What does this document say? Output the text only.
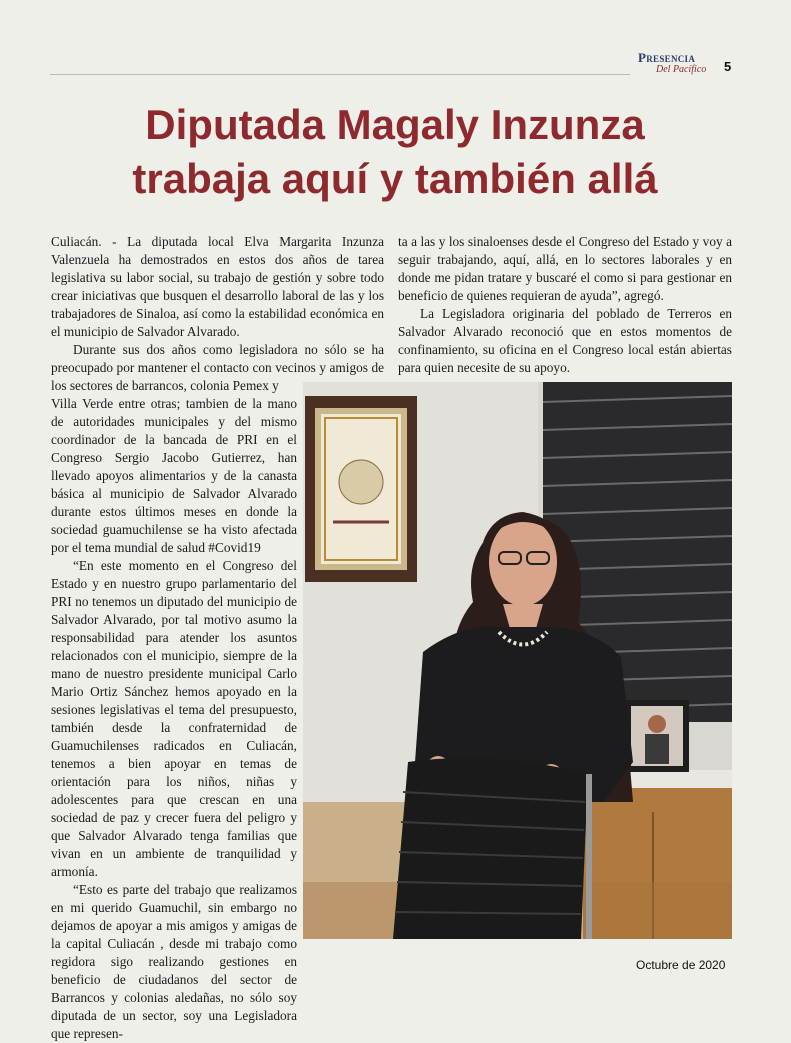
Presencia
Del Pacífico 5
Diputada Magaly Inzunza
trabaja aquí y también allá

Culiacán. - La diputada local Elva Margarita Inzunza Valenzuela ha demostrados en estos dos años de tarea legislativa su labor social, su trabajo de gestión y sobre todo crear iniciativas que busquen el desarrollo laboral de las y los trabajadores de Sinaloa, así como la estabilidad económica en el municipio de Salvador Alvarado.

Durante sus dos años como legisladora no sólo se ha preocupado por mantener el contacto con vecinos y amigos de los sectores de barrancos, colonia Pemex y

Villa Verde entre otras; tambien de la mano de autoridades municipales y del mismo coordinador de la bancada de PRI en el Congreso Sergio Jacobo Gutierrez, han llevado apoyos alimentarios y de la canasta básica al municipio de Salvador Alvarado durante estos últimos meses en donde la sociedad guamuchilense se ha visto afectada por el tema mundial de salud #Covid19

“En este momento en el Congreso del Estado y en nuestro grupo parlamentario del PRI no tenemos un diputado del municipio de Salvador Alvarado, por tal motivo asumo la responsabilidad para atender los asuntos relacionados con el municipio, siempre de la mano de nuestro presidente municipal Carlo Mario Ortiz Sánchez hemos apoyado en la sesiones legislativas el tema del presupuesto, también desde la confraternidad de Guamuchilenses radicados en Culiacán, tenemos a bien apoyar en temas de orientación para los niños, niñas y adolescentes para que crescan en una sociedad de paz y crecer fuera del peligro y que Salvador Alvarado tenga familias que vivan en un ambiente de tranquilidad y armonía.

“Esto es parte del trabajo que realizamos en mi querido Guamuchil, sin embargo no dejamos de apoyar a mis amigos y amigas de la capital Culiacán , desde mi trabajo como regidora sigo realizando gestiones en beneficio de ciudadanos del sector de Barrancos y colonias aledañas, no sólo soy diputada de un sector, soy una Legisladora que represen-

ta a las y los sinaloenses desde el Congreso del Estado y voy a seguir trabajando, aquí, allá, en lo sectores laborales y en donde me pidan tratare y buscaré el como si para gestionar en beneficio de quienes requieran de ayuda”, agregó.

La Legisladora originaria del poblado de Terreros en Salvador Alvarado reconoció que en estos momentos de confinamiento, su oficina en el Congreso local están abiertas para quien necesite de su apoyo.

Octubre de 2020
